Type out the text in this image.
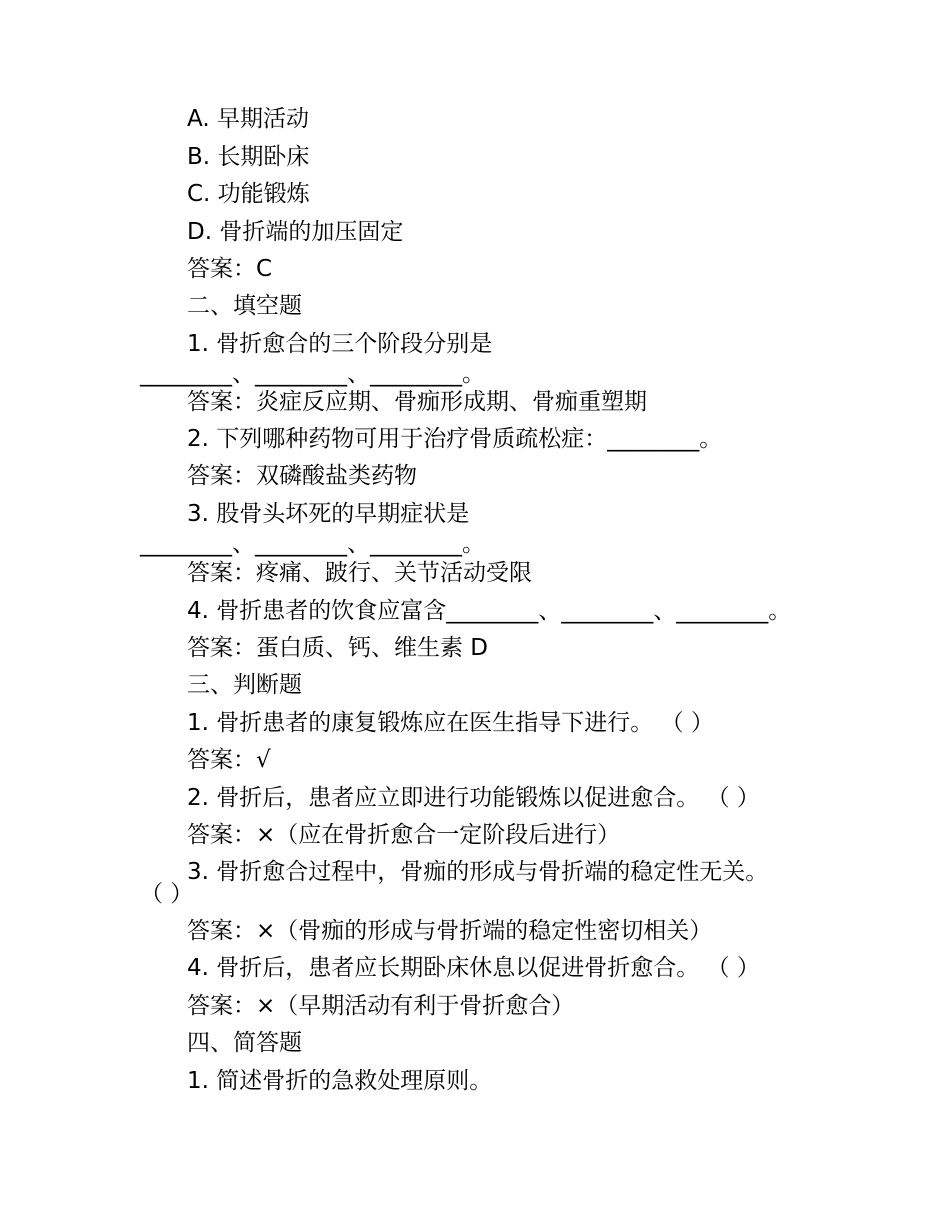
A. 早期活动

B. 长期卧床

C. 功能锻炼

D. 骨折端的加压固定

答案：C

二、填空题

1. 骨折愈合的三个阶段分别是

________、________、________。

答案：炎症反应期、骨痂形成期、骨痂重塑期

2. 下列哪种药物可用于治疗骨质疏松症：________。

答案：双磷酸盐类药物

3. 股骨头坏死的早期症状是

________、________、________。

答案：疼痛、跛行、关节活动受限

4. 骨折患者的饮食应富含________、________、________。

答案：蛋白质、钙、维生素 D

三、判断题

1. 骨折患者的康复锻炼应在医生指导下进行。 （ ）

答案：√

2. 骨折后，患者应立即进行功能锻炼以促进愈合。 （ ）

答案：×（应在骨折愈合一定阶段后进行）

3. 骨折愈合过程中，骨痂的形成与骨折端的稳定性无关。

（ ）

答案：×（骨痂的形成与骨折端的稳定性密切相关）

4. 骨折后，患者应长期卧床休息以促进骨折愈合。 （ ）

答案：×（早期活动有利于骨折愈合）

四、简答题

1. 简述骨折的急救处理原则。
